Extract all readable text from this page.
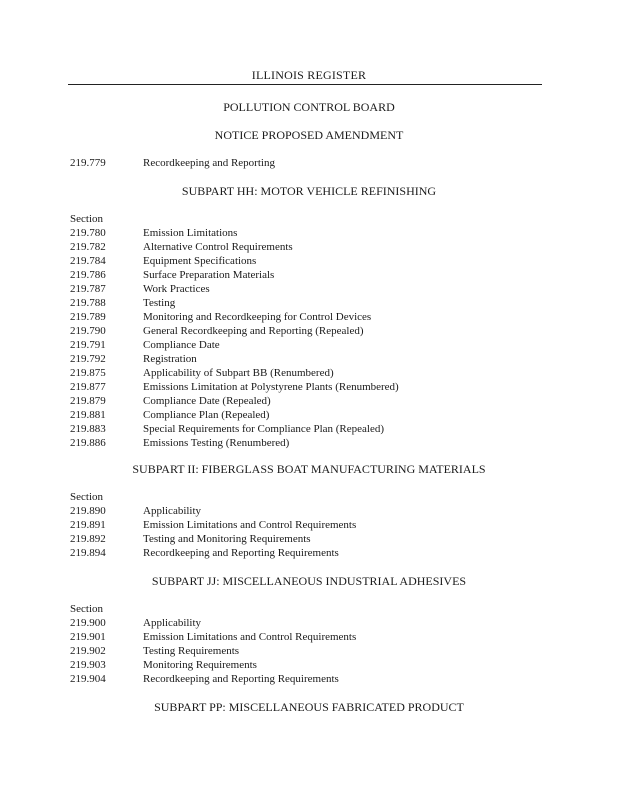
ILLINOIS REGISTER
POLLUTION CONTROL BOARD
NOTICE PROPOSED AMENDMENT
219.779	Recordkeeping and Reporting
SUBPART HH: MOTOR VEHICLE REFINISHING
Section
219.780	Emission Limitations
219.782	Alternative Control Requirements
219.784	Equipment Specifications
219.786	Surface Preparation Materials
219.787	Work Practices
219.788	Testing
219.789	Monitoring and Recordkeeping for Control Devices
219.790	General Recordkeeping and Reporting (Repealed)
219.791	Compliance Date
219.792	Registration
219.875	Applicability of Subpart BB (Renumbered)
219.877	Emissions Limitation at Polystyrene Plants (Renumbered)
219.879	Compliance Date (Repealed)
219.881	Compliance Plan (Repealed)
219.883	Special Requirements for Compliance Plan (Repealed)
219.886	Emissions Testing (Renumbered)
SUBPART II: FIBERGLASS BOAT MANUFACTURING MATERIALS
Section
219.890	Applicability
219.891	Emission Limitations and Control Requirements
219.892	Testing and Monitoring Requirements
219.894	Recordkeeping and Reporting Requirements
SUBPART JJ: MISCELLANEOUS INDUSTRIAL ADHESIVES
Section
219.900	Applicability
219.901	Emission Limitations and Control Requirements
219.902	Testing Requirements
219.903	Monitoring Requirements
219.904	Recordkeeping and Reporting Requirements
SUBPART PP: MISCELLANEOUS FABRICATED PRODUCT
